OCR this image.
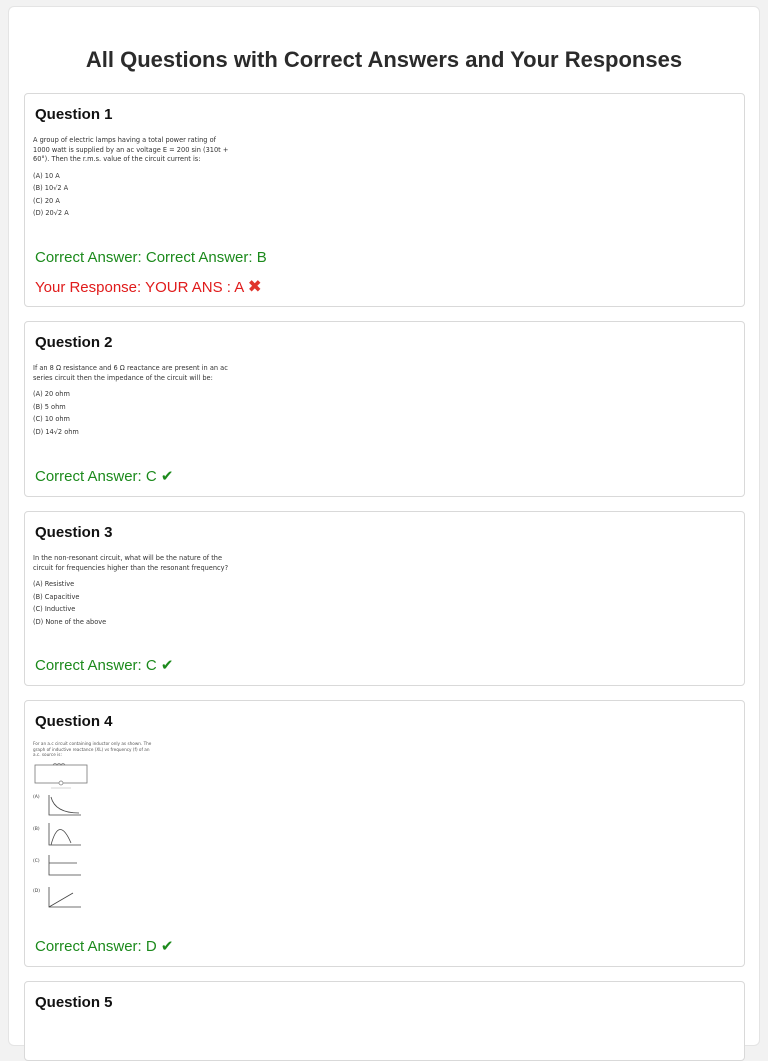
All Questions with Correct Answers and Your Responses
Question 1
A group of electric lamps having a total power rating of 1000 watt is supplied by an ac voltage E = 200 sin (310t + 60°). Then the r.m.s. value of the circuit current is:
(A) 10 A
(B) 10√2 A
(C) 20 A
(D) 20√2 A
Correct Answer: Correct Answer: B
Your Response: YOUR ANS : A ✖
Question 2
If an 8 Ω resistance and 6 Ω reactance are present in an ac series circuit then the impedance of the circuit will be:
(A) 20 ohm
(B) 5 ohm
(C) 10 ohm
(D) 14√2 ohm
Correct Answer: C ✔
Question 3
In the non-resonant circuit, what will be the nature of the circuit for frequencies higher than the resonant frequency?
(A) Resistive
(B) Capacitive
(C) Inductive
(D) None of the above
Correct Answer: C ✔
Question 4
For an a.c circuit containing inductor only as shown. The graph of inductive reactance (XL) vs frequency (f) of an a.c. source is:
(A)
(B)
(C)
(D)
Correct Answer: D ✔
Question 5
